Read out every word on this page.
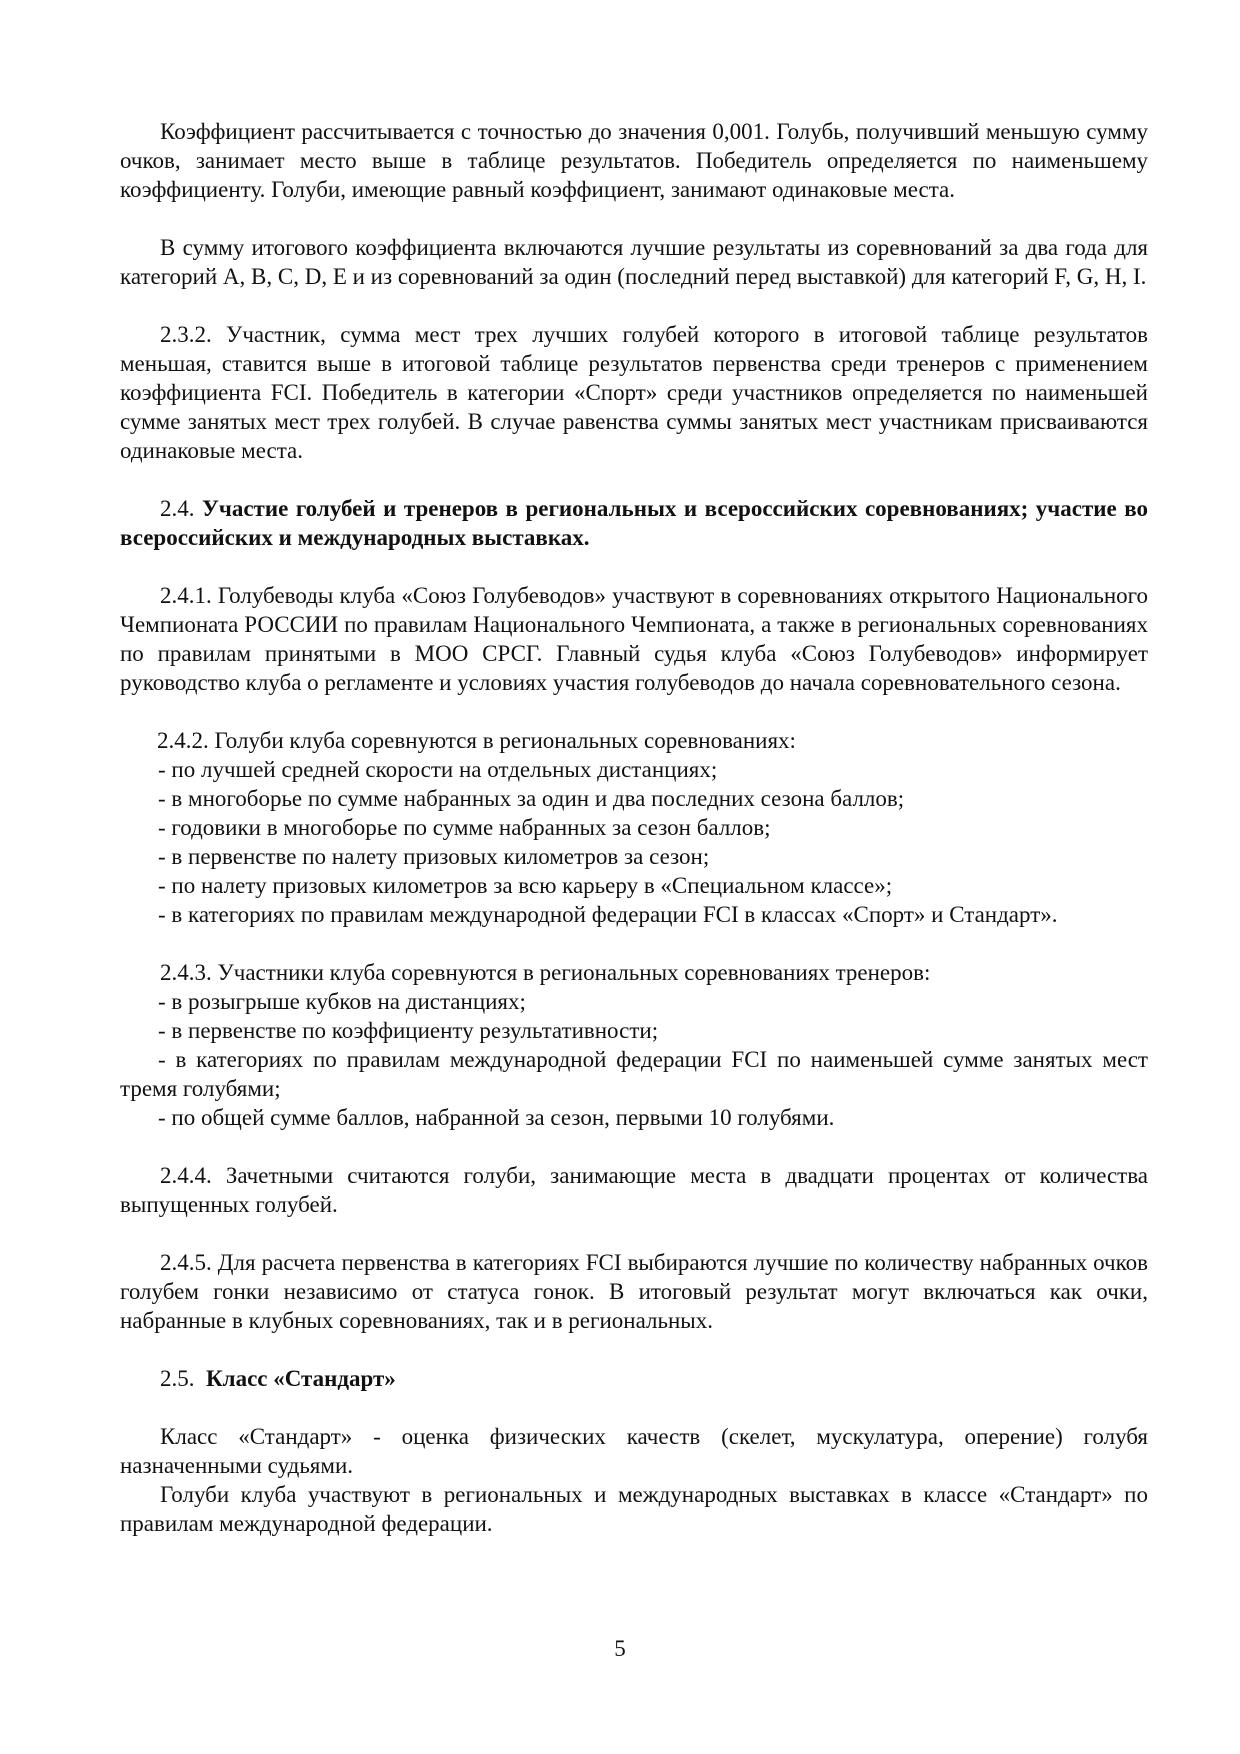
Коэффициент рассчитывается с точностью до значения 0,001. Голубь, получивший меньшую сумму очков, занимает место выше в таблице результатов. Победитель определяется по наименьшему коэффициенту. Голуби, имеющие равный коэффициент, занимают одинаковые места.

В сумму итогового коэффициента включаются лучшие результаты из соревнований за два года для категорий A, B, C, D, E и из соревнований за один (последний перед выставкой) для категорий F, G, H, I.

2.3.2. Участник, сумма мест трех лучших голубей которого в итоговой таблице результатов меньшая, ставится выше в итоговой таблице результатов первенства среди тренеров с применением коэффициента FCI. Победитель в категории «Спорт» среди участников определяется по наименьшей сумме занятых мест трех голубей. В случае равенства суммы занятых мест участникам присваиваются одинаковые места.

2.4. Участие голубей и тренеров в региональных и всероссийских соревнованиях; участие во всероссийских и международных выставках.

2.4.1. Голубеводы клуба «Союз Голубеводов» участвуют в соревнованиях открытого Национального Чемпионата РОССИИ по правилам Национального Чемпионата, а также в региональных соревнованиях по правилам принятыми в МОО СРСГ. Главный судья клуба «Союз Голубеводов» информирует руководство клуба о регламенте и условиях участия голубеводов до начала соревновательного сезона.

2.4.2. Голуби клуба соревнуются в региональных соревнованиях:

- по лучшей средней скорости на отдельных дистанциях;

- в многоборье по сумме набранных за один и два последних сезона баллов;

- годовики в многоборье по сумме набранных за сезон баллов;

- в первенстве по налету призовых километров за сезон;

- по налету призовых километров за всю карьеру в «Специальном классе»;

- в категориях по правилам международной федерации FCI в классах «Спорт» и Стандарт».

2.4.3. Участники клуба соревнуются в региональных соревнованиях тренеров:

- в розыгрыше кубков на дистанциях;

- в первенстве по коэффициенту результативности;

- в категориях по правилам международной федерации FCI по наименьшей сумме занятых мест тремя голубями;

- по общей сумме баллов, набранной за сезон, первыми 10 голубями.

2.4.4. Зачетными считаются голуби, занимающие места в двадцати процентах от количества выпущенных голубей.

2.4.5. Для расчета первенства в категориях FCI выбираются лучшие по количеству набранных очков голубем гонки независимо от статуса гонок. В итоговый результат могут включаться как очки, набранные в клубных соревнованиях, так и в региональных.

2.5. Класс «Стандарт»

Класс «Стандарт» - оценка физических качеств (скелет, мускулатура, оперение) голубя назначенными судьями.

Голуби клуба участвуют в региональных и международных выставках в классе «Стандарт» по правилам международной федерации.

5
